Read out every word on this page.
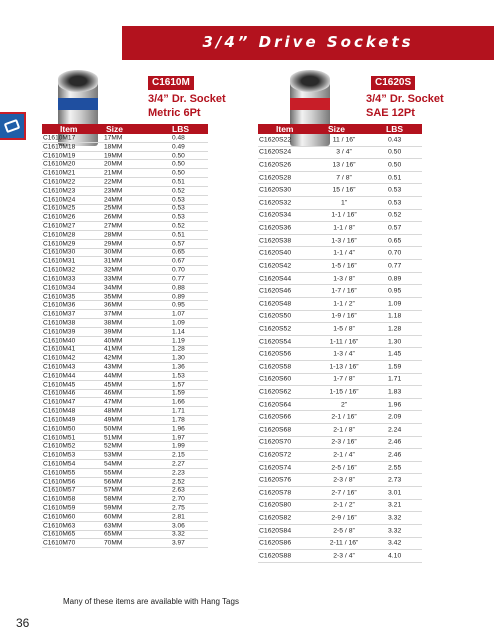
3/4” Drive Sockets
C1610M
3/4” Dr. Socket
Metric 6Pt
C1620S
3/4” Dr. Socket
SAE 12Pt
Item	Size	LBS
C1610M17	17MM	0.48
C1610M18	18MM	0.49
C1610M19	19MM	0.50
C1610M20	20MM	0.50
C1610M21	21MM	0.50
C1610M22	22MM	0.51
C1610M23	23MM	0.52
C1610M24	24MM	0.53
C1610M25	25MM	0.53
C1610M26	26MM	0.53
C1610M27	27MM	0.52
C1610M28	28MM	0.51
C1610M29	29MM	0.57
C1610M30	30MM	0.65
C1610M31	31MM	0.67
C1610M32	32MM	0.70
C1610M33	33MM	0.77
C1610M34	34MM	0.88
C1610M35	35MM	0.89
C1610M36	36MM	0.95
C1610M37	37MM	1.07
C1610M38	38MM	1.09
C1610M39	39MM	1.14
C1610M40	40MM	1.19
C1610M41	41MM	1.28
C1610M42	42MM	1.30
C1610M43	43MM	1.36
C1610M44	44MM	1.53
C1610M45	45MM	1.57
C1610M46	46MM	1.59
C1610M47	47MM	1.66
C1610M48	48MM	1.71
C1610M49	49MM	1.78
C1610M50	50MM	1.96
C1610M51	51MM	1.97
C1610M52	52MM	1.99
C1610M53	53MM	2.15
C1610M54	54MM	2.27
C1610M55	55MM	2.23
C1610M56	56MM	2.52
C1610M57	57MM	2.63
C1610M58	58MM	2.70
C1610M59	59MM	2.75
C1610M60	60MM	2.81
C1610M63	63MM	3.06
C1610M65	65MM	3.32
C1610M70	70MM	3.97
Item	Size	LBS
C1620S22	11 / 16”	0.43
C1620S24	3 / 4”	0.50
C1620S26	13 / 16”	0.50
C1620S28	7 / 8”	0.51
C1620S30	15 / 16”	0.53
C1620S32	1”	0.53
C1620S34	1-1 / 16”	0.52
C1620S36	1-1 / 8”	0.57
C1620S38	1-3 / 16”	0.65
C1620S40	1-1 / 4”	0.70
C1620S42	1-5 / 16”	0.77
C1620S44	1-3 / 8”	0.89
C1620S46	1-7 / 16”	0.95
C1620S48	1-1 / 2”	1.09
C1620S50	1-9 / 16”	1.18
C1620S52	1-5 / 8”	1.28
C1620S54	1-11 / 16”	1.30
C1620S56	1-3 / 4”	1.45
C1620S58	1-13 / 16”	1.59
C1620S60	1-7 / 8”	1.71
C1620S62	1-15 / 16”	1.83
C1620S64	2”	1.96
C1620S66	2-1 / 16”	2.09
C1620S68	2-1 / 8”	2.24
C1620S70	2-3 / 16”	2.46
C1620S72	2-1 / 4”	2.46
C1620S74	2-5 / 16”	2.55
C1620S76	2-3 / 8”	2.73
C1620S78	2-7 / 16”	3.01
C1620S80	2-1 / 2”	3.21
C1620S82	2-9 / 16”	3.32
C1620S84	2-5 / 8”	3.32
C1620S86	2-11 / 16”	3.42
C1620S88	2-3 / 4”	4.10
Many of these items are available with Hang Tags
36
